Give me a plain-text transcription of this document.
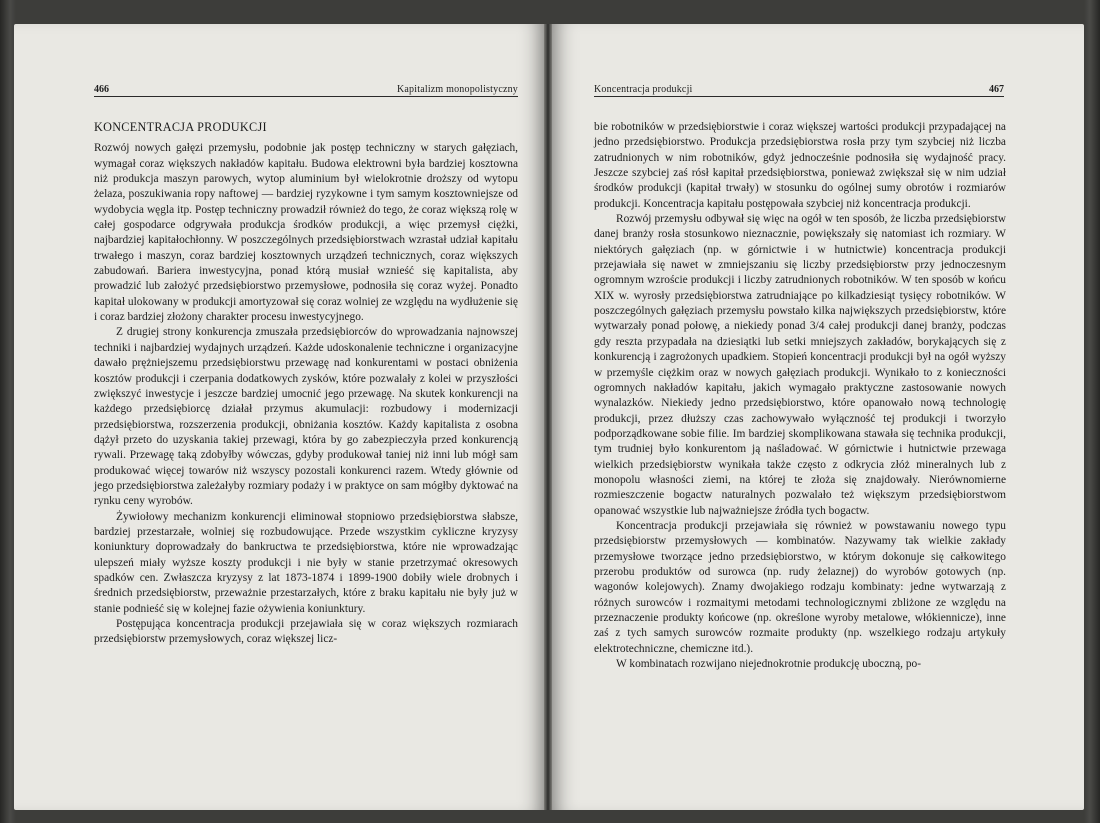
466	Kapitalizm monopolistyczny
KONCENTRACJA PRODUKCJI

Rozwój nowych gałęzi przemysłu, podobnie jak postęp techniczny w starych gałęziach, wymagał coraz większych nakładów kapitału. Budowa elektrowni była bardziej kosztowna niż produkcja maszyn parowych, wytop aluminium był wielokrotnie droższy od wytopu żelaza, poszukiwania ropy naftowej — bardziej ryzykowne i tym samym kosztowniejsze od wydobycia węgla itp. Postęp techniczny prowadził również do tego, że coraz większą rolę w całej gospodarce odgrywała produkcja środków produkcji, a więc przemysł ciężki, najbardziej kapitałochłonny. W poszczególnych przedsiębiorstwach wzrastał udział kapitału trwałego i maszyn, coraz bardziej kosztownych urządzeń technicznych, coraz większych zabudowań. Bariera inwestycyjna, ponad którą musiał wznieść się kapitalista, aby prowadzić lub założyć przedsiębiorstwo przemysłowe, podnosiła się coraz wyżej. Ponadto kapitał ulokowany w produkcji amortyzował się coraz wolniej ze względu na wydłużenie się i coraz bardziej złożony charakter procesu inwestycyjnego.

Z drugiej strony konkurencja zmuszała przedsiębiorców do wprowadzania najnowszej techniki i najbardziej wydajnych urządzeń. Każde udoskonalenie techniczne i organizacyjne dawało prężniejszemu przedsiębiorstwu przewagę nad konkurentami w postaci obniżenia kosztów produkcji i czerpania dodatkowych zysków, które pozwalały z kolei w przyszłości zwiększyć inwestycje i jeszcze bardziej umocnić jego przewagę. Na skutek konkurencji na każdego przedsiębiorcę działał przymus akumulacji: rozbudowy i modernizacji przedsiębiorstwa, rozszerzenia produkcji, obniżania kosztów. Każdy kapitalista z osobna dążył przeto do uzyskania takiej przewagi, która by go zabezpieczyła przed konkurencją rywali. Przewagę taką zdobyłby wówczas, gdyby produkował taniej niż inni lub mógł sam produkować więcej towarów niż wszyscy pozostali konkurenci razem. Wtedy głównie od jego przedsiębiorstwa zależałyby rozmiary podaży i w praktyce on sam mógłby dyktować na rynku ceny wyrobów.

Żywiołowy mechanizm konkurencji eliminował stopniowo przedsiębiorstwa słabsze, bardziej przestarzałe, wolniej się rozbudowujące. Przede wszystkim cykliczne kryzysy koniunktury doprowadzały do bankructwa te przedsiębiorstwa, które nie wprowadzając ulepszeń miały wyższe koszty produkcji i nie były w stanie przetrzymać okresowych spadków cen. Zwłaszcza kryzysy z lat 1873-1874 i 1899-1900 dobiły wiele drobnych i średnich przedsiębiorstw, przeważnie przestarzałych, które z braku kapitału nie były już w stanie podnieść się w kolejnej fazie ożywienia koniunktury.

Postępująca koncentracja produkcji przejawiała się w coraz większych rozmiarach przedsiębiorstw przemysłowych, coraz większej licz-

Koncentracja produkcji	467

bie robotników w przedsiębiorstwie i coraz większej wartości produkcji przypadającej na jedno przedsiębiorstwo. Produkcja przedsiębiorstwa rosła przy tym szybciej niż liczba zatrudnionych w nim robotników, gdyż jednocześnie podnosiła się wydajność pracy. Jeszcze szybciej zaś rósł kapitał przedsiębiorstwa, ponieważ zwiększał się w nim udział środków produkcji (kapitał trwały) w stosunku do ogólnej sumy obrotów i rozmiarów produkcji. Koncentracja kapitału postępowała szybciej niż koncentracja produkcji.

Rozwój przemysłu odbywał się więc na ogół w ten sposób, że liczba przedsiębiorstw danej branży rosła stosunkowo nieznacznie, powiększały się natomiast ich rozmiary. W niektórych gałęziach (np. w górnictwie i w hutnictwie) koncentracja produkcji przejawiała się nawet w zmniejszaniu się liczby przedsiębiorstw przy jednoczesnym ogromnym wzroście produkcji i liczby zatrudnionych robotników. W ten sposób w końcu XIX w. wyrosły przedsiębiorstwa zatrudniające po kilkadziesiąt tysięcy robotników. W poszczególnych gałęziach przemysłu powstało kilka największych przedsiębiorstw, które wytwarzały ponad połowę, a niekiedy ponad 3/4 całej produkcji danej branży, podczas gdy reszta przypadała na dziesiątki lub setki mniejszych zakładów, borykających się z konkurencją i zagrożonych upadkiem. Stopień koncentracji produkcji był na ogół wyższy w przemyśle ciężkim oraz w nowych gałęziach produkcji. Wynikało to z konieczności ogromnych nakładów kapitału, jakich wymagało praktyczne zastosowanie nowych wynalazków. Niekiedy jedno przedsiębiorstwo, które opanowało nową technologię produkcji, przez dłuższy czas zachowywało wyłączność tej produkcji i tworzyło podporządkowane sobie filie. Im bardziej skomplikowana stawała się technika produkcji, tym trudniej było konkurentom ją naśladować. W górnictwie i hutnictwie przewaga wielkich przedsiębiorstw wynikała także często z odkrycia złóż mineralnych lub z monopolu własności ziemi, na której te złoża się znajdowały. Nierównomierne rozmieszczenie bogactw naturalnych pozwalało też większym przedsiębiorstwom opanować wszystkie lub najważniejsze źródła tych bogactw.

Koncentracja produkcji przejawiała się również w powstawaniu nowego typu przedsiębiorstw przemysłowych — kombinatów. Nazywamy tak wielkie zakłady przemysłowe tworzące jedno przedsiębiorstwo, w którym dokonuje się całkowitego przerobu produktów od surowca (np. rudy żelaznej) do wyrobów gotowych (np. wagonów kolejowych). Znamy dwojakiego rodzaju kombinaty: jedne wytwarzają z różnych surowców i rozmaitymi metodami technologicznymi zbliżone ze względu na przeznaczenie produkty końcowe (np. określone wyroby metalowe, włókiennicze), inne zaś z tych samych surowców rozmaite produkty (np. wszelkiego rodzaju artykuły elektrotechniczne, chemiczne itd.).

W kombinatach rozwijano niejednokrotnie produkcję uboczną, po-
